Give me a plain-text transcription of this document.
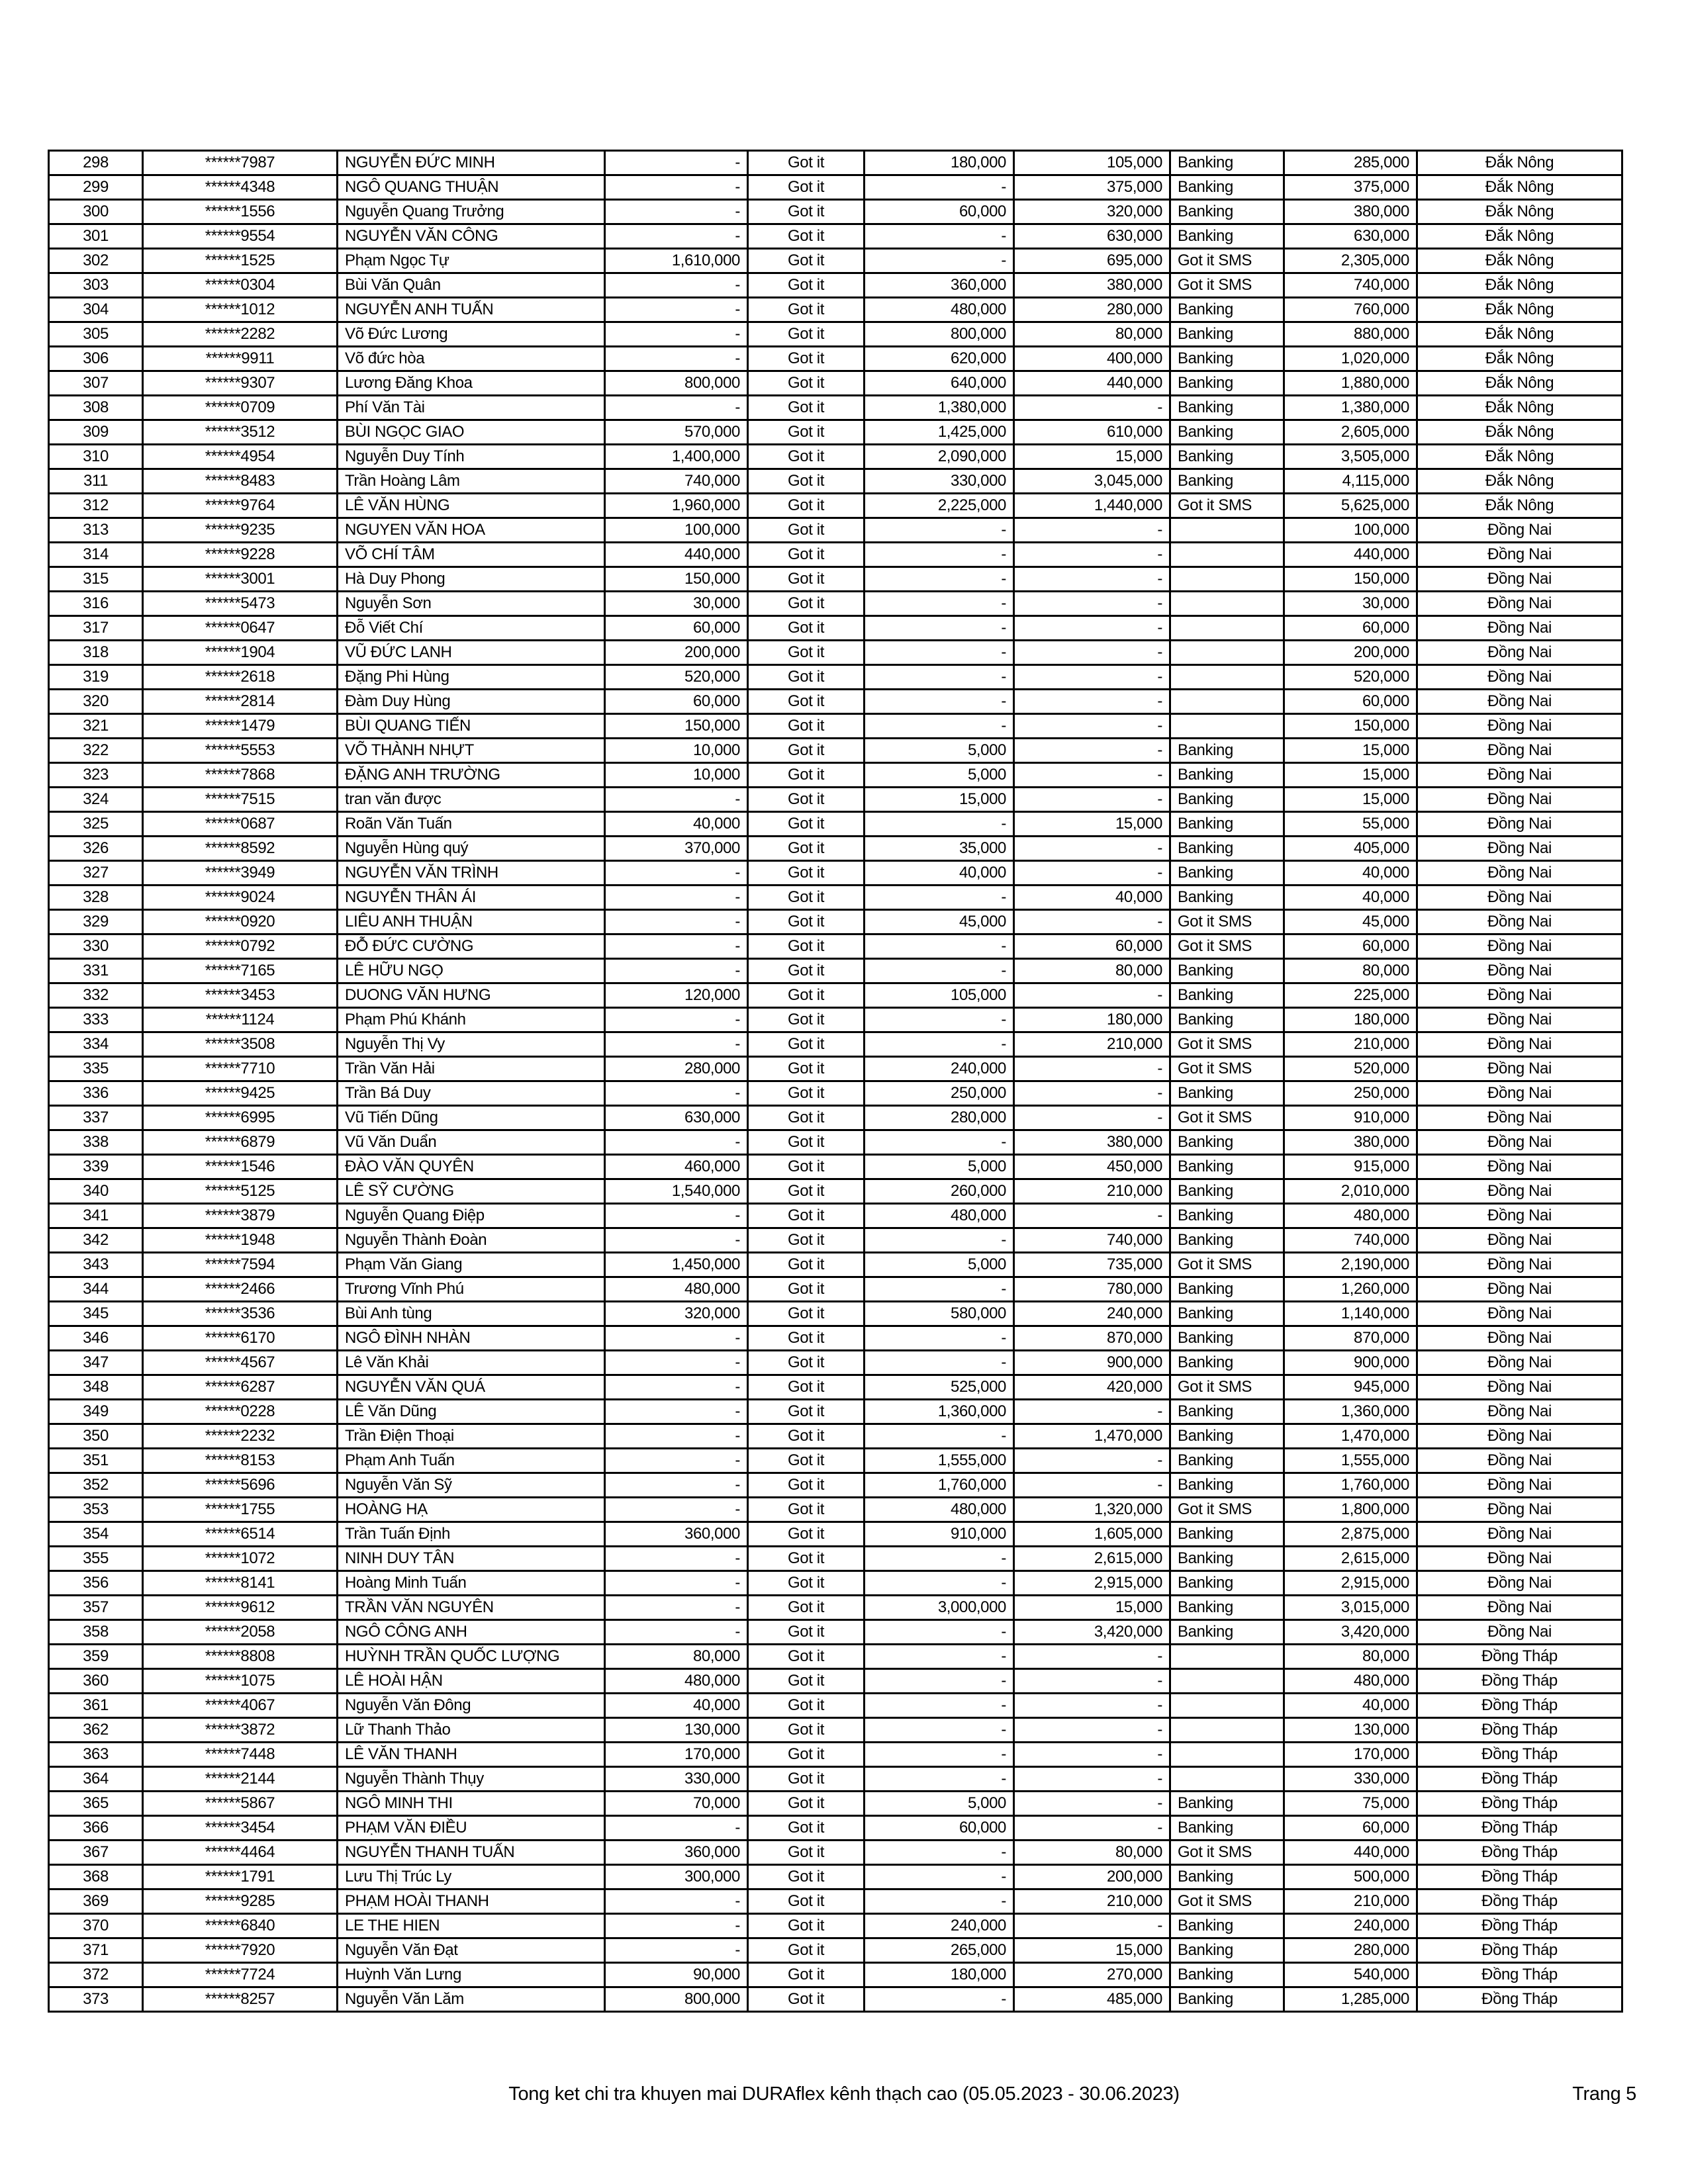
298	******7987	NGUYỄN ĐỨC MINH	-	Got it	180,000	105,000	Banking	285,000	Đắk Nông
299	******4348	NGÔ QUANG THUẬN	-	Got it	-	375,000	Banking	375,000	Đắk Nông
300	******1556	Nguyễn Quang Trưởng	-	Got it	60,000	320,000	Banking	380,000	Đắk Nông
301	******9554	NGUYỄN VĂN CÔNG	-	Got it	-	630,000	Banking	630,000	Đắk Nông
302	******1525	Phạm Ngọc Tự	1,610,000	Got it	-	695,000	Got it SMS	2,305,000	Đắk Nông
303	******0304	Bùi Văn Quân	-	Got it	360,000	380,000	Got it SMS	740,000	Đắk Nông
304	******1012	NGUYỄN ANH TUẤN	-	Got it	480,000	280,000	Banking	760,000	Đắk Nông
305	******2282	Võ Đức Lương	-	Got it	800,000	80,000	Banking	880,000	Đắk Nông
306	******9911	Võ đức hòa	-	Got it	620,000	400,000	Banking	1,020,000	Đắk Nông
307	******9307	Lương Đăng Khoa	800,000	Got it	640,000	440,000	Banking	1,880,000	Đắk Nông
308	******0709	Phí Văn Tài	-	Got it	1,380,000	-	Banking	1,380,000	Đắk Nông
309	******3512	BÙI NGỌC GIAO	570,000	Got it	1,425,000	610,000	Banking	2,605,000	Đắk Nông
310	******4954	Nguyễn Duy Tính	1,400,000	Got it	2,090,000	15,000	Banking	3,505,000	Đắk Nông
311	******8483	Trần Hoàng Lâm	740,000	Got it	330,000	3,045,000	Banking	4,115,000	Đắk Nông
312	******9764	LÊ VĂN HÙNG	1,960,000	Got it	2,225,000	1,440,000	Got it SMS	5,625,000	Đắk Nông
313	******9235	NGUYEN VĂN HOA	100,000	Got it	-	-		100,000	Đồng Nai
314	******9228	VÕ CHÍ TÂM	440,000	Got it	-	-		440,000	Đồng Nai
315	******3001	Hà Duy Phong	150,000	Got it	-	-		150,000	Đồng Nai
316	******5473	Nguyễn Sơn	30,000	Got it	-	-		30,000	Đồng Nai
317	******0647	Đỗ Viết Chí	60,000	Got it	-	-		60,000	Đồng Nai
318	******1904	VŨ ĐỨC LANH	200,000	Got it	-	-		200,000	Đồng Nai
319	******2618	Đặng Phi Hùng	520,000	Got it	-	-		520,000	Đồng Nai
320	******2814	Đàm Duy Hùng	60,000	Got it	-	-		60,000	Đồng Nai
321	******1479	BÙI QUANG TIẾN	150,000	Got it	-	-		150,000	Đồng Nai
322	******5553	VÕ THÀNH NHỰT	10,000	Got it	5,000	-	Banking	15,000	Đồng Nai
323	******7868	ĐẶNG ANH TRƯỜNG	10,000	Got it	5,000	-	Banking	15,000	Đồng Nai
324	******7515	tran văn được	-	Got it	15,000	-	Banking	15,000	Đồng Nai
325	******0687	Roãn Văn Tuấn	40,000	Got it	-	15,000	Banking	55,000	Đồng Nai
326	******8592	Nguyễn Hùng quý	370,000	Got it	35,000	-	Banking	405,000	Đồng Nai
327	******3949	NGUYỄN VĂN TRÌNH	-	Got it	40,000	-	Banking	40,000	Đồng Nai
328	******9024	NGUYỄN THÂN ÁI	-	Got it	-	40,000	Banking	40,000	Đồng Nai
329	******0920	LIÊU ANH THUẬN	-	Got it	45,000	-	Got it SMS	45,000	Đồng Nai
330	******0792	ĐỖ ĐỨC CƯỜNG	-	Got it	-	60,000	Got it SMS	60,000	Đồng Nai
331	******7165	LÊ HỮU NGỌ	-	Got it	-	80,000	Banking	80,000	Đồng Nai
332	******3453	DUONG VĂN HƯNG	120,000	Got it	105,000	-	Banking	225,000	Đồng Nai
333	******1124	Phạm Phú Khánh	-	Got it	-	180,000	Banking	180,000	Đồng Nai
334	******3508	Nguyễn Thị Vy	-	Got it	-	210,000	Got it SMS	210,000	Đồng Nai
335	******7710	Trần Văn Hải	280,000	Got it	240,000	-	Got it SMS	520,000	Đồng Nai
336	******9425	Trần Bá Duy	-	Got it	250,000	-	Banking	250,000	Đồng Nai
337	******6995	Vũ Tiến Dũng	630,000	Got it	280,000	-	Got it SMS	910,000	Đồng Nai
338	******6879	Vũ Văn Duẩn	-	Got it	-	380,000	Banking	380,000	Đồng Nai
339	******1546	ĐÀO VĂN QUYÊN	460,000	Got it	5,000	450,000	Banking	915,000	Đồng Nai
340	******5125	LÊ SỸ CƯỜNG	1,540,000	Got it	260,000	210,000	Banking	2,010,000	Đồng Nai
341	******3879	Nguyễn Quang Điệp	-	Got it	480,000	-	Banking	480,000	Đồng Nai
342	******1948	Nguyễn Thành Đoàn	-	Got it	-	740,000	Banking	740,000	Đồng Nai
343	******7594	Phạm Văn Giang	1,450,000	Got it	5,000	735,000	Got it SMS	2,190,000	Đồng Nai
344	******2466	Trương Vĩnh Phú	480,000	Got it	-	780,000	Banking	1,260,000	Đồng Nai
345	******3536	Bùi Anh tùng	320,000	Got it	580,000	240,000	Banking	1,140,000	Đồng Nai
346	******6170	NGÔ ĐÌNH NHÀN	-	Got it	-	870,000	Banking	870,000	Đồng Nai
347	******4567	Lê Văn Khải	-	Got it	-	900,000	Banking	900,000	Đồng Nai
348	******6287	NGUYỄN VĂN QUÁ	-	Got it	525,000	420,000	Got it SMS	945,000	Đồng Nai
349	******0228	LÊ Văn Dũng	-	Got it	1,360,000	-	Banking	1,360,000	Đồng Nai
350	******2232	Trần Điện Thoại	-	Got it	-	1,470,000	Banking	1,470,000	Đồng Nai
351	******8153	Phạm Anh Tuấn	-	Got it	1,555,000	-	Banking	1,555,000	Đồng Nai
352	******5696	Nguyễn Văn Sỹ	-	Got it	1,760,000	-	Banking	1,760,000	Đồng Nai
353	******1755	HOÀNG HẠ	-	Got it	480,000	1,320,000	Got it SMS	1,800,000	Đồng Nai
354	******6514	Trần Tuấn Định	360,000	Got it	910,000	1,605,000	Banking	2,875,000	Đồng Nai
355	******1072	NINH DUY TÂN	-	Got it	-	2,615,000	Banking	2,615,000	Đồng Nai
356	******8141	Hoàng Minh Tuấn	-	Got it	-	2,915,000	Banking	2,915,000	Đồng Nai
357	******9612	TRẦN VĂN NGUYÊN	-	Got it	3,000,000	15,000	Banking	3,015,000	Đồng Nai
358	******2058	NGÔ CÔNG ANH	-	Got it	-	3,420,000	Banking	3,420,000	Đồng Nai
359	******8808	HUỲNH TRẦN QUỐC LƯỢNG	80,000	Got it	-	-		80,000	Đồng Tháp
360	******1075	LÊ HOÀI HẬN	480,000	Got it	-	-		480,000	Đồng Tháp
361	******4067	Nguyễn Văn Đông	40,000	Got it	-	-		40,000	Đồng Tháp
362	******3872	Lữ Thanh Thảo	130,000	Got it	-	-		130,000	Đồng Tháp
363	******7448	LÊ VĂN THANH	170,000	Got it	-	-		170,000	Đồng Tháp
364	******2144	Nguyễn Thành Thụy	330,000	Got it	-	-		330,000	Đồng Tháp
365	******5867	NGÔ MINH THI	70,000	Got it	5,000	-	Banking	75,000	Đồng Tháp
366	******3454	PHẠM VĂN ĐIỀU	-	Got it	60,000	-	Banking	60,000	Đồng Tháp
367	******4464	NGUYỄN THANH TUẤN	360,000	Got it	-	80,000	Got it SMS	440,000	Đồng Tháp
368	******1791	Lưu Thị Trúc Ly	300,000	Got it	-	200,000	Banking	500,000	Đồng Tháp
369	******9285	PHẠM HOÀI THANH	-	Got it	-	210,000	Got it SMS	210,000	Đồng Tháp
370	******6840	LE THE HIEN	-	Got it	240,000	-	Banking	240,000	Đồng Tháp
371	******7920	Nguyễn Văn Đạt	-	Got it	265,000	15,000	Banking	280,000	Đồng Tháp
372	******7724	Huỳnh Văn Lưng	90,000	Got it	180,000	270,000	Banking	540,000	Đồng Tháp
373	******8257	Nguyễn Văn Lăm	800,000	Got it	-	485,000	Banking	1,285,000	Đồng Tháp
Tong ket chi tra khuyen mai DURAflex kênh thạch cao (05.05.2023 - 30.06.2023)	Trang 5
